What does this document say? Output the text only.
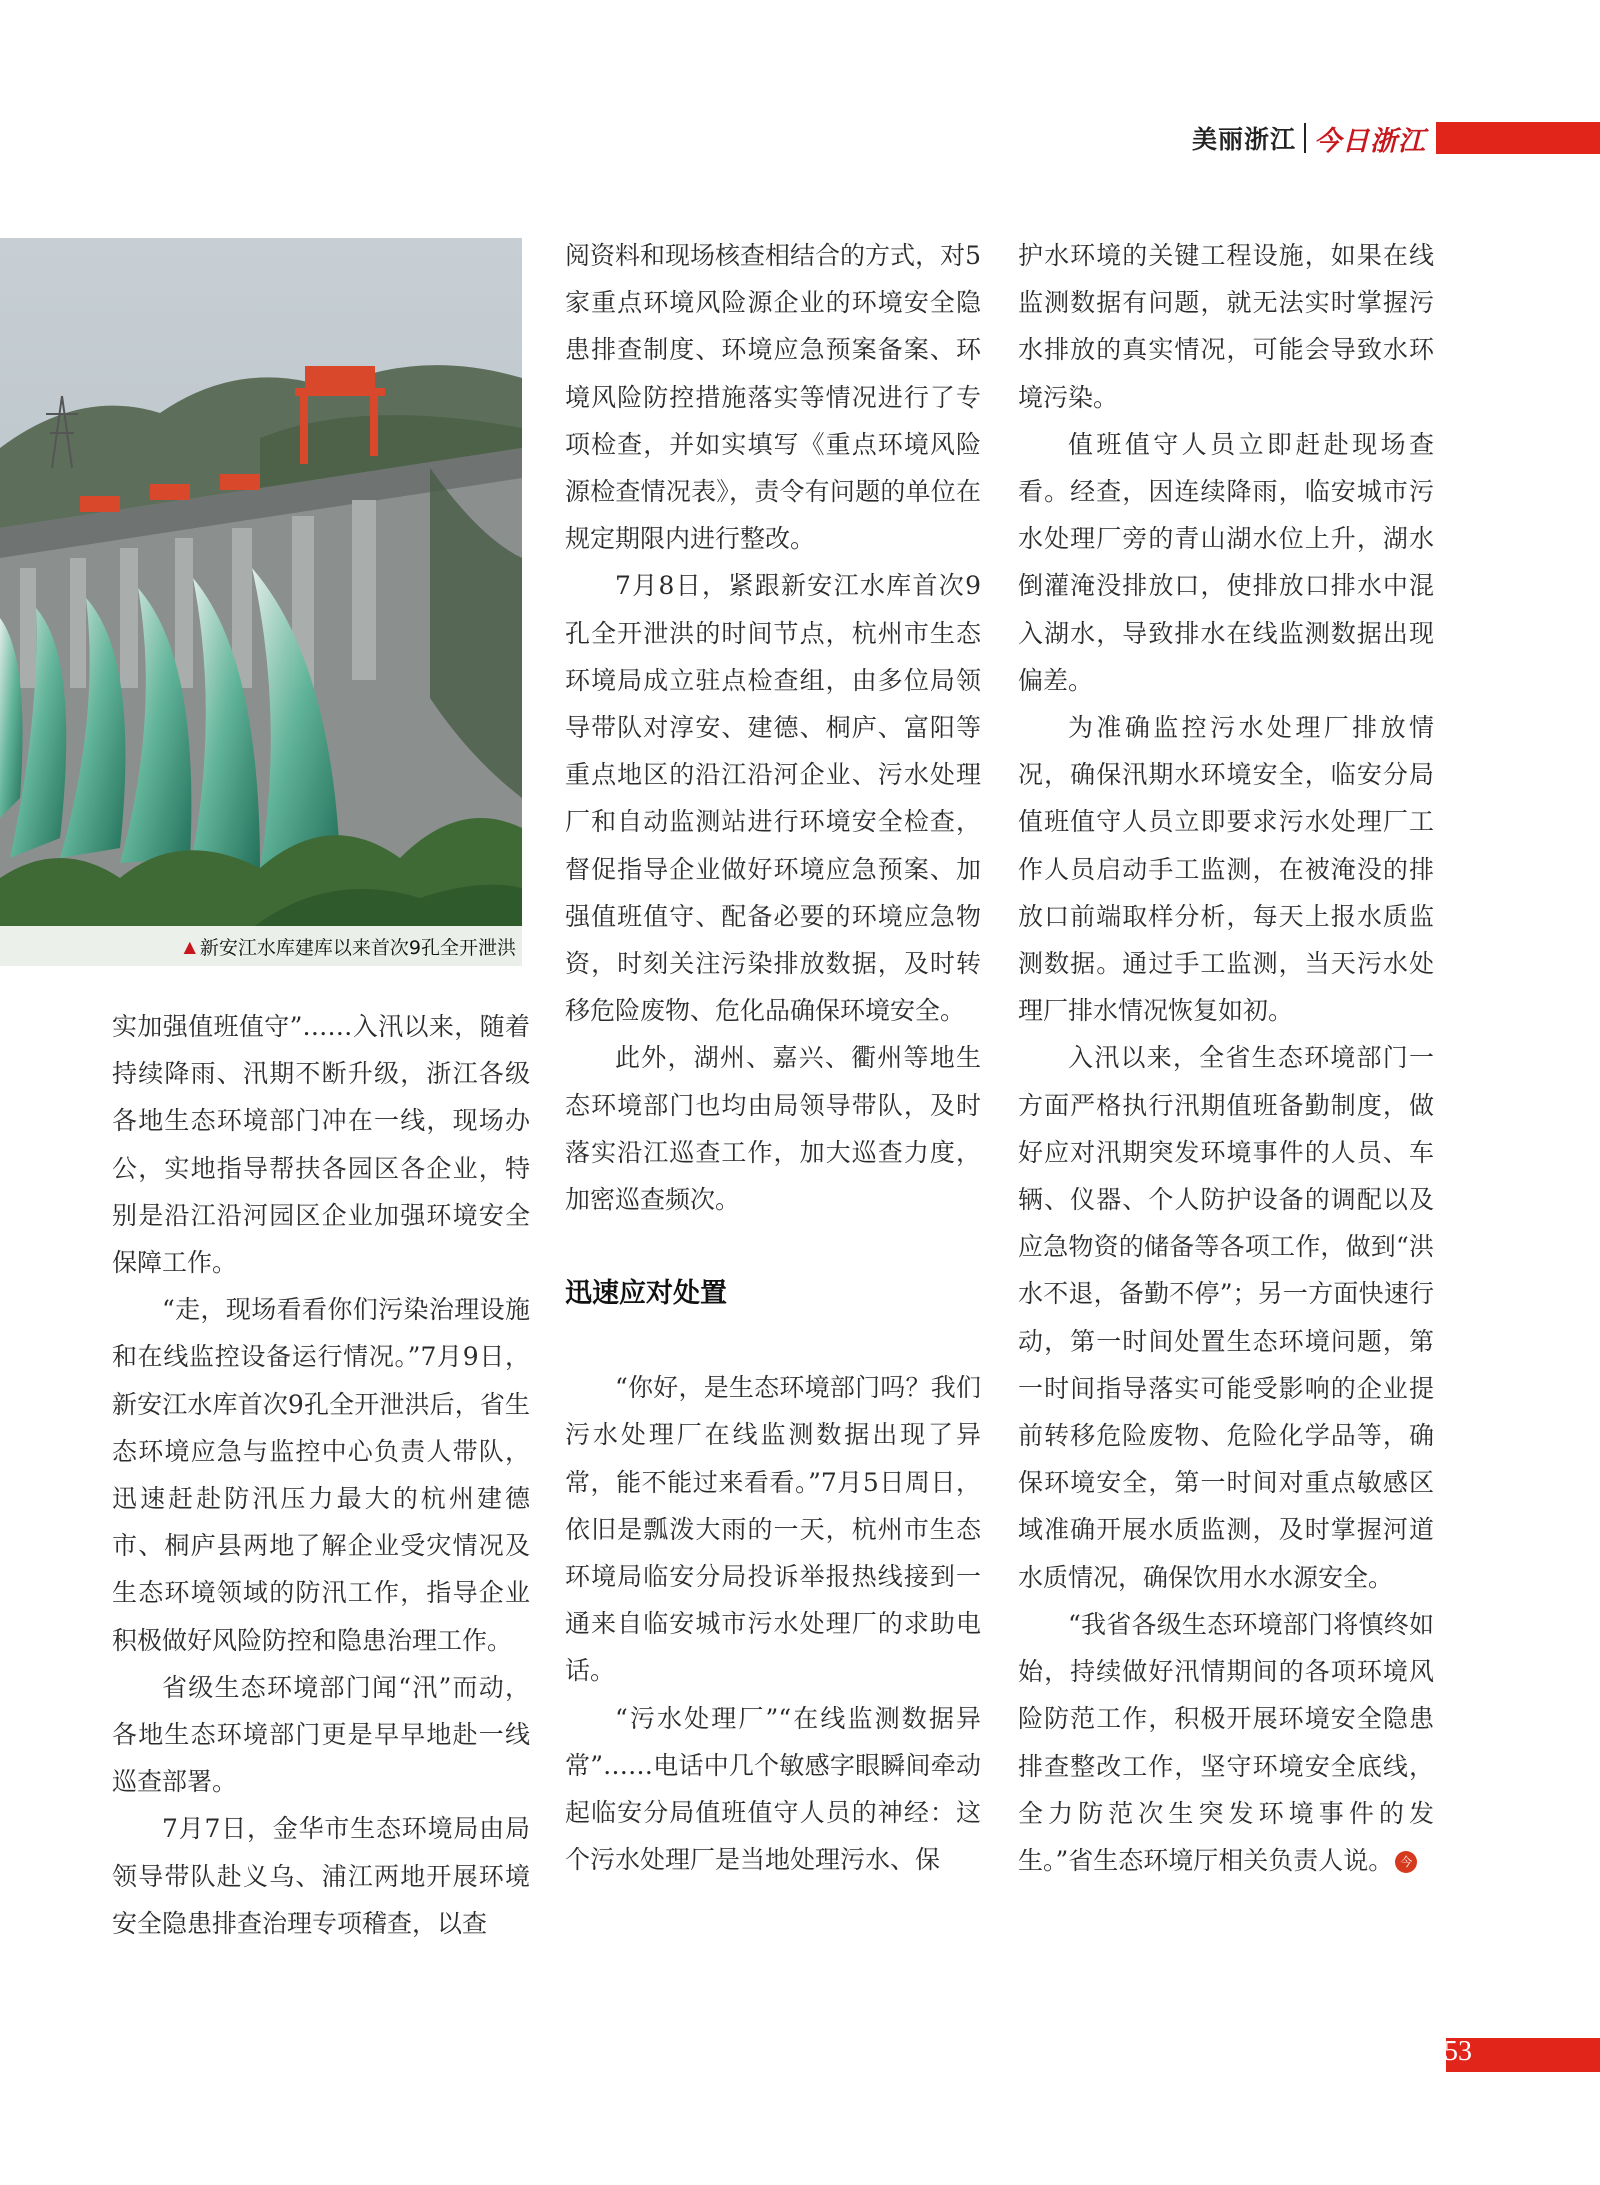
美丽浙江 今日浙江
▲ 新安江水库建库以来首次9孔全开泄洪

实加强值班值守”……入汛以来，随着持续降雨、汛期不断升级，浙江各级各地生态环境部门冲在一线，现场办公，实地指导帮扶各园区各企业，特别是沿江沿河园区企业加强环境安全保障工作。

“走，现场看看你们污染治理设施和在线监控设备运行情况。”7月9日，新安江水库首次9孔全开泄洪后，省生态环境应急与监控中心负责人带队，迅速赶赴防汛压力最大的杭州建德市、桐庐县两地了解企业受灾情况及生态环境领域的防汛工作，指导企业积极做好风险防控和隐患治理工作。

省级生态环境部门闻“汛”而动，各地生态环境部门更是早早地赴一线巡查部署。

7月7日，金华市生态环境局由局领导带队赴义乌、浦江两地开展环境安全隐患排查治理专项稽查，以查

阅资料和现场核查相结合的方式，对5家重点环境风险源企业的环境安全隐患排查制度、环境应急预案备案、环境风险防控措施落实等情况进行了专项检查，并如实填写《重点环境风险源检查情况表》，责令有问题的单位在规定期限内进行整改。

7月8日，紧跟新安江水库首次9孔全开泄洪的时间节点，杭州市生态环境局成立驻点检查组，由多位局领导带队对淳安、建德、桐庐、富阳等重点地区的沿江沿河企业、污水处理厂和自动监测站进行环境安全检查，督促指导企业做好环境应急预案、加强值班值守、配备必要的环境应急物资，时刻关注污染排放数据，及时转移危险废物、危化品确保环境安全。

此外，湖州、嘉兴、衢州等地生态环境部门也均由局领导带队，及时落实沿江巡查工作，加大巡查力度，加密巡查频次。

迅速应对处置

“你好，是生态环境部门吗？我们污水处理厂在线监测数据出现了异常，能不能过来看看。”7月5日周日，依旧是瓢泼大雨的一天，杭州市生态环境局临安分局投诉举报热线接到一通来自临安城市污水处理厂的求助电话。

“污水处理厂”“在线监测数据异常”……电话中几个敏感字眼瞬间牵动起临安分局值班值守人员的神经：这个污水处理厂是当地处理污水、保

护水环境的关键工程设施，如果在线监测数据有问题，就无法实时掌握污水排放的真实情况，可能会导致水环境污染。

值班值守人员立即赶赴现场查看。经查，因连续降雨，临安城市污水处理厂旁的青山湖水位上升，湖水倒灌淹没排放口，使排放口排水中混入湖水，导致排水在线监测数据出现偏差。

为准确监控污水处理厂排放情况，确保汛期水环境安全，临安分局值班值守人员立即要求污水处理厂工作人员启动手工监测，在被淹没的排放口前端取样分析，每天上报水质监测数据。通过手工监测，当天污水处理厂排水情况恢复如初。

入汛以来，全省生态环境部门一方面严格执行汛期值班备勤制度，做好应对汛期突发环境事件的人员、车辆、仪器、个人防护设备的调配以及应急物资的储备等各项工作，做到“洪水不退，备勤不停”；另一方面快速行动，第一时间处置生态环境问题，第一时间指导落实可能受影响的企业提前转移危险废物、危险化学品等，确保环境安全，第一时间对重点敏感区域准确开展水质监测，及时掌握河道水质情况，确保饮用水水源安全。

“我省各级生态环境部门将慎终如始，持续做好汛情期间的各项环境风险防范工作，积极开展环境安全隐患排查整改工作，坚守环境安全底线，全力防范次生突发环境事件的发生。”省生态环境厅相关负责人说。 今

53
